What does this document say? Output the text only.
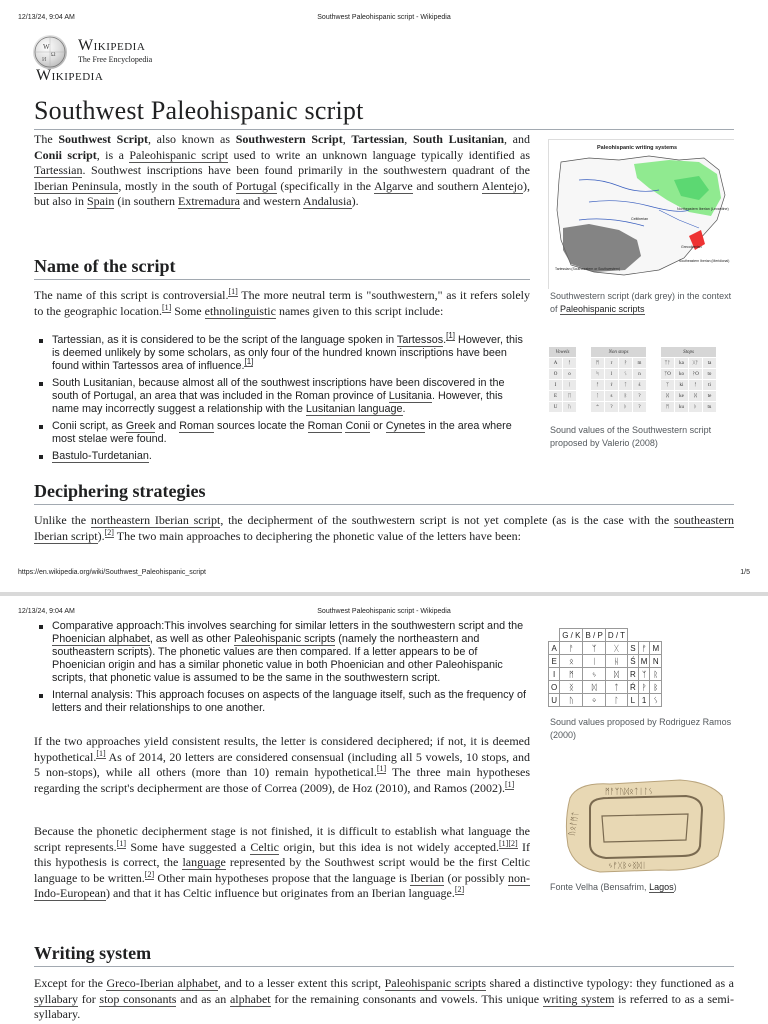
12/13/24, 9:04 AM	Southwest Paleohispanic script - Wikipedia
W
Ω
И
Wikipedia
The Free Encyclopedia
Wikipedia
Southwest Paleohispanic script
The Southwest Script, also known as Southwestern Script, Tartessian, South Lusitanian, and Conii script, is a Paleohispanic script used to write an unknown language typically identified as Tartessian. Southwest inscriptions have been found primarily in the southwestern quadrant of the Iberian Peninsula, mostly in the south of Portugal (specifically in the Algarve and southern Alentejo), but also in Spain (in southern Extremadura and western Andalusia).
Paleohispanic writing systems
Northeastern Iberian (Levantine)
Celtiberian
Grecoiberian
Southeastern Iberian (Meridional)
Tartessian (Southwestern or Southwestern)
Southwestern script (dark grey) in the context of Paleohispanic scripts
Name of the script
The name of this script is controversial.[1] The more neutral term is "southwestern," as it refers solely to the geographic location.[1] Some ethnolinguistic names given to this script include:
Tartessian, as it is considered to be the script of the language spoken in Tartessos.[1] However, this is deemed unlikely by some scholars, as only four of the hundred known inscriptions have been found within Tartessos area of influence.[1]
South Lusitanian, because almost all of the southwest inscriptions have been discovered in the south of Portugal, an area that was included in the Roman province of Lusitania. However, this name may incorrectly suggest a relationship with the Lusitanian language.
Conii script, as Greek and Roman sources locate the Roman Conii or Cynetes in the area where most stelae were found.
Bastulo-Turdetanian.
Vowels			Non stops					Stops			
A	ᚨ		ᛗ	r	ᚹ	m		ᛉᚨ	ka	ᚷᚨ	ta
O	o		ᛋ	l	ᛊ	n		ᛉO	ko	ᚹO	to
I	ᛁ		ᚠ	ŕ	ᛏ	ś		ᛉ	ki	ᚨ	ti
E	ᛖ		ᛚ	s	ᛒ	?		ᛞ	ke	ᛞ	te
U	ᚢ		ᛜ	?	ᚦ	?		ᛗ	ku	ᚦ	tu
Sound values of the Southwestern script proposed by Valerio (2008)
Deciphering strategies
Unlike the northeastern Iberian script, the decipherment of the southwestern script is not yet complete (as is the case with the southeastern Iberian script).[2] The two main approaches to deciphering the phonetic value of the letters have been:
https://en.wikipedia.org/wiki/Southwest_Paleohispanic_script	1/5
12/13/24, 9:04 AM	Southwest Paleohispanic script - Wikipedia
Comparative approach:This involves searching for similar letters in the southwestern script and the Phoenician alphabet, as well as other Paleohispanic scripts (namely the northeastern and southeastern scripts). The phonetic values are then compared. If a letter appears to be of Phoenician origin and has a similar phonetic value in both Phoenician and other Paleohispanic scripts, that phonetic value is assumed to be the same in the southwestern script.
Internal analysis: This approach focuses on aspects of the language itself, such as the frequency of letters and their relationships to one another.
If the two approaches yield consistent results, the letter is considered deciphered; if not, it is deemed hypothetical.[1] As of 2014, 20 letters are considered consensual (including all 5 vowels, 10 stops, and 5 non-stops), while all others (more than 10) remain hypothetical.[1] The three main hypotheses regarding the script's decipherment are those of Correa (2009), de Hoz (2010), and Ramos (2002).[1]
Because the phonetic decipherment stage is not finished, it is difficult to establish what language the script represents.[1] Some have suggested a Celtic origin, but this idea is not widely accepted.[1][2] If this hypothesis is correct, the language represented by the Southwest script would be the first Celtic language to be written.[2] Other main hypotheses propose that the language is Iberian (or possibly non-Indo-European) and that it has Celtic influence but originates from an Iberian language.[2]
	G / K	B / P	D / T			
A	ᚨ	ᛉ	ᚷ	S	ᚠ	M
E	ᛟ	ᛁ	ᚺ	Ś	M	N
I	ᛗ	ᛃ	ᛞ	R	ᛉ	ᚱ
O	ᛝ	ᛞ	ᛏ	Ŕ	ᚹ	ᛒ
U	ᚢ	ᛜ	ᛚ	L	1	ᛊ
Sound values proposed by Rodriguez Ramos (2000)
ᛗᚨᛉᚢᛞᛟᛏᛁᛚᛊ
ᛃᚠᚷᛒᛜᛝᛞᛁ
ᚢᛟᚨᛗᛏ
Fonte Velha (Bensafrim, Lagos)
Writing system
Except for the Greco-Iberian alphabet, and to a lesser extent this script, Paleohispanic scripts shared a distinctive typology: they functioned as a syllabary for stop consonants and as an alphabet for the remaining consonants and vowels. This unique writing system is referred to as a semi-syllabary.
